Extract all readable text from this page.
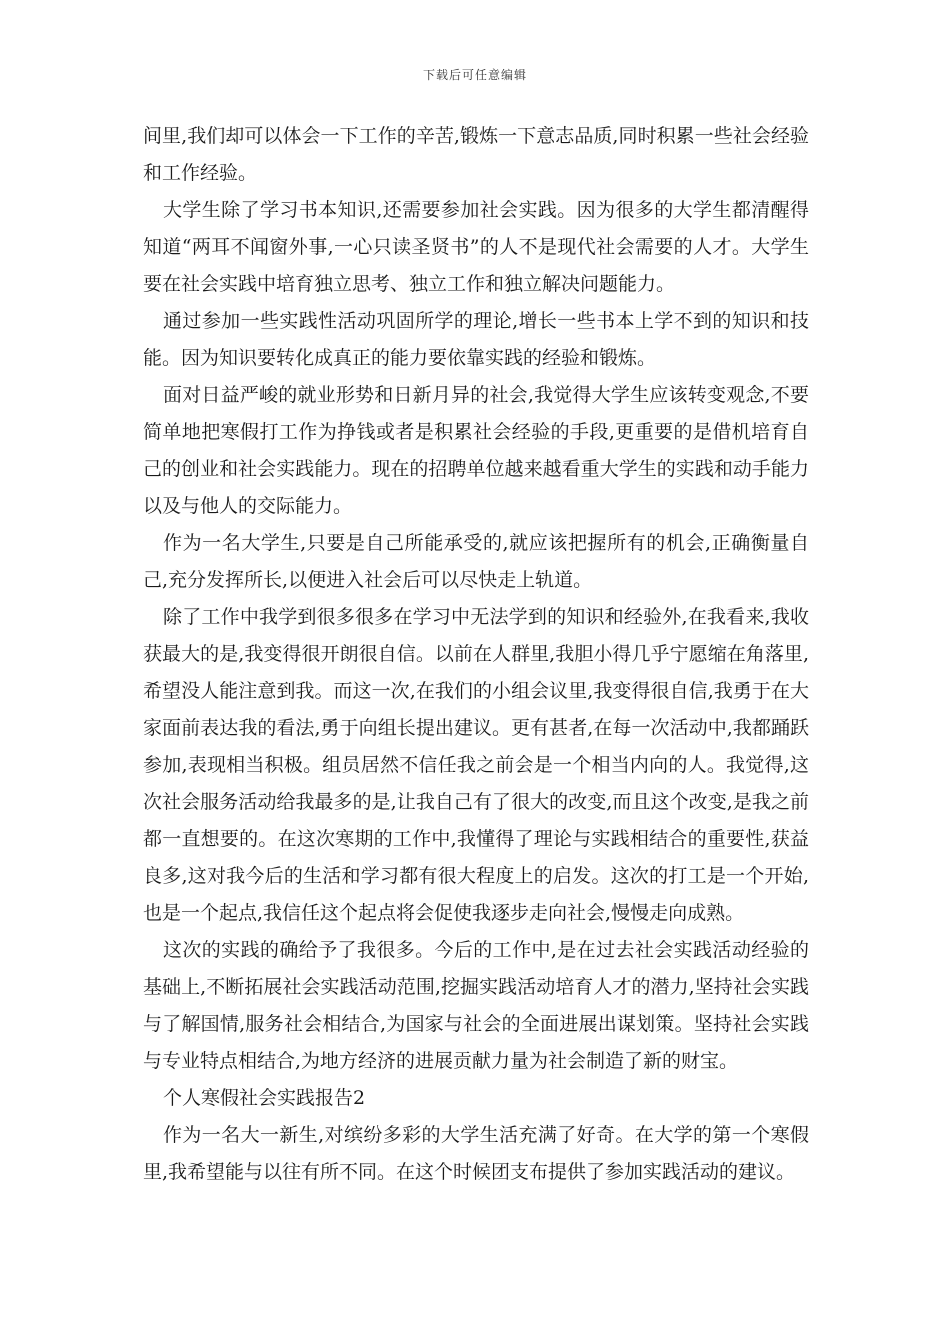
下载后可任意编辑

间里,我们却可以体会一下工作的辛苦,锻炼一下意志品质,同时积累一些社会经验和工作经验。

大学生除了学习书本知识,还需要参加社会实践。因为很多的大学生都清醒得知道“两耳不闻窗外事,一心只读圣贤书”的人不是现代社会需要的人才。大学生要在社会实践中培育独立思考、独立工作和独立解决问题能力。

通过参加一些实践性活动巩固所学的理论,增长一些书本上学不到的知识和技能。因为知识要转化成真正的能力要依靠实践的经验和锻炼。

面对日益严峻的就业形势和日新月异的社会,我觉得大学生应该转变观念,不要简单地把寒假打工作为挣钱或者是积累社会经验的手段,更重要的是借机培育自己的创业和社会实践能力。现在的招聘单位越来越看重大学生的实践和动手能力以及与他人的交际能力。

作为一名大学生,只要是自己所能承受的,就应该把握所有的机会,正确衡量自己,充分发挥所长,以便进入社会后可以尽快走上轨道。

除了工作中我学到很多很多在学习中无法学到的知识和经验外,在我看来,我收获最大的是,我变得很开朗很自信。以前在人群里,我胆小得几乎宁愿缩在角落里,希望没人能注意到我。而这一次,在我们的小组会议里,我变得很自信,我勇于在大家面前表达我的看法,勇于向组长提出建议。更有甚者,在每一次活动中,我都踊跃参加,表现相当积极。组员居然不信任我之前会是一个相当内向的人。我觉得,这次社会服务活动给我最多的是,让我自己有了很大的改变,而且这个改变,是我之前都一直想要的。在这次寒期的工作中,我懂得了理论与实践相结合的重要性,获益良多,这对我今后的生活和学习都有很大程度上的启发。这次的打工是一个开始,也是一个起点,我信任这个起点将会促使我逐步走向社会,慢慢走向成熟。

这次的实践的确给予了我很多。今后的工作中,是在过去社会实践活动经验的基础上,不断拓展社会实践活动范围,挖掘实践活动培育人才的潜力,坚持社会实践与了解国情,服务社会相结合,为国家与社会的全面进展出谋划策。坚持社会实践与专业特点相结合,为地方经济的进展贡献力量为社会制造了新的财宝。

个人寒假社会实践报告2

作为一名大一新生,对缤纷多彩的大学生活充满了好奇。在大学的第一个寒假里,我希望能与以往有所不同。在这个时候团支布提供了参加实践活动的建议。
